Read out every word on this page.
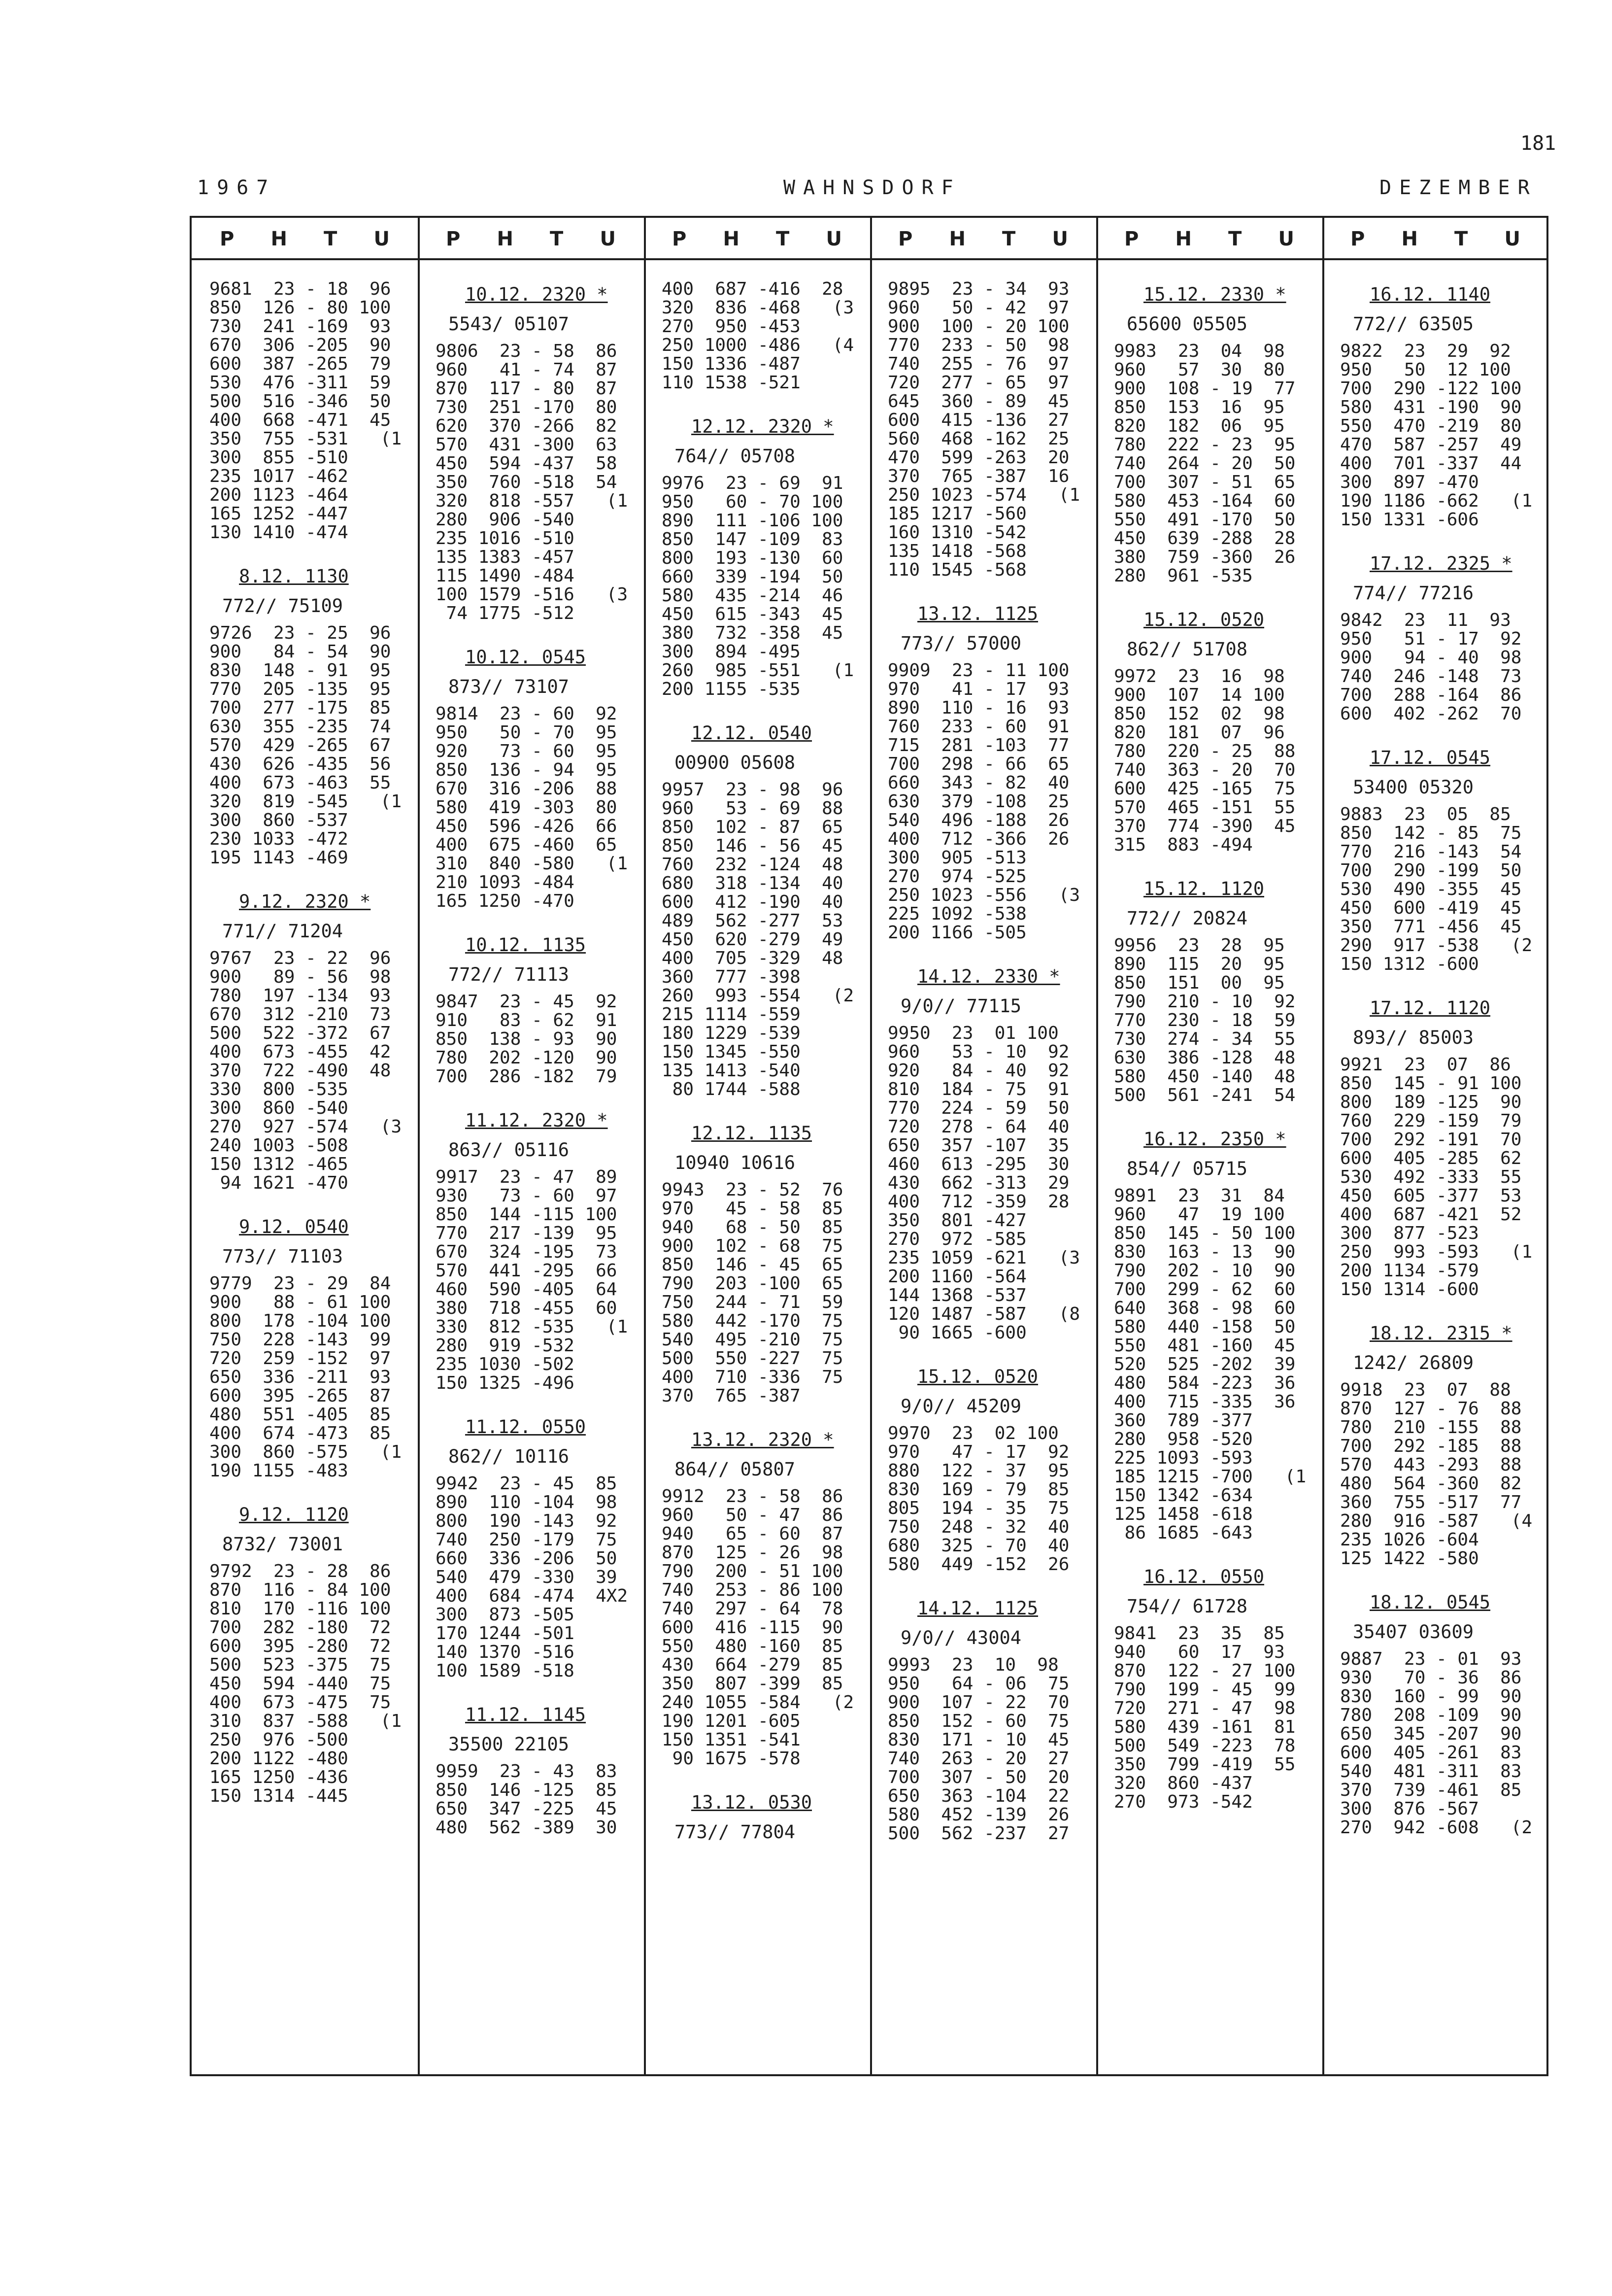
181
1967	WAHNSDORF	DEZEMBER
P H T U
9681  23 - 18  96
850  126 - 80 100
730  241 -169  93
670  306 -205  90
600  387 -265  79
530  476 -311  59
500  516 -346  50
400  668 -471  45
350  755 -531   (1
300  855 -510
235 1017 -462
200 1123 -464
165 1252 -447
130 1410 -474
8.12. 1130
772// 75109
9726  23 - 25  96
900   84 - 54  90
830  148 - 91  95
770  205 -135  95
700  277 -175  85
630  355 -235  74
570  429 -265  67
430  626 -435  56
400  673 -463  55
320  819 -545   (1
300  860 -537
230 1033 -472
195 1143 -469
9.12. 2320 *
771// 71204
9767  23 - 22  96
900   89 - 56  98
780  197 -134  93
670  312 -210  73
500  522 -372  67
400  673 -455  42
370  722 -490  48
330  800 -535
300  860 -540
270  927 -574   (3
240 1003 -508
150 1312 -465
94 1621 -470
9.12. 0540
773// 71103
9779  23 - 29  84
900   88 - 61 100
800  178 -104 100
750  228 -143  99
720  259 -152  97
650  336 -211  93
600  395 -265  87
480  551 -405  85
400  674 -473  85
300  860 -575   (1
190 1155 -483
9.12. 1120
8732/ 73001
9792  23 - 28  86
870  116 - 84 100
810  170 -116 100
700  282 -180  72
600  395 -280  72
500  523 -375  75
450  594 -440  75
400  673 -475  75
310  837 -588   (1
250  976 -500
200 1122 -480
165 1250 -436
150 1314 -445
P H T U
10.12. 2320 *
5543/ 05107
9806  23 - 58  86
960   41 - 74  87
870  117 - 80  87
730  251 -170  80
620  370 -266  82
570  431 -300  63
450  594 -437  58
350  760 -518  54
320  818 -557   (1
280  906 -540
235 1016 -510
135 1383 -457
115 1490 -484
100 1579 -516   (3
74 1775 -512
10.12. 0545
873// 73107
9814  23 - 60  92
950   50 - 70  95
920   73 - 60  95
850  136 - 94  95
670  316 -206  88
580  419 -303  80
450  596 -426  66
400  675 -460  65
310  840 -580   (1
210 1093 -484
165 1250 -470
10.12. 1135
772// 71113
9847  23 - 45  92
910   83 - 62  91
850  138 - 93  90
780  202 -120  90
700  286 -182  79
11.12. 2320 *
863// 05116
9917  23 - 47  89
930   73 - 60  97
850  144 -115 100
770  217 -139  95
670  324 -195  73
570  441 -295  66
460  590 -405  64
380  718 -455  60
330  812 -535   (1
280  919 -532
235 1030 -502
150 1325 -496
11.12. 0550
862// 10116
9942  23 - 45  85
890  110 -104  98
800  190 -143  92
740  250 -179  75
660  336 -206  50
540  479 -330  39
400  684 -474  4X2
300  873 -505
170 1244 -501
140 1370 -516
100 1589 -518
11.12. 1145
35500 22105
9959  23 - 43  83
850  146 -125  85
650  347 -225  45
480  562 -389  30
P H T U
400  687 -416  28
320  836 -468   (3
270  950 -453
250 1000 -486   (4
150 1336 -487
110 1538 -521
12.12. 2320 *
764// 05708
9976  23 - 69  91
950   60 - 70 100
890  111 -106 100
850  147 -109  83
800  193 -130  60
660  339 -194  50
580  435 -214  46
450  615 -343  45
380  732 -358  45
300  894 -495
260  985 -551   (1
200 1155 -535
12.12. 0540
00900 05608
9957  23 - 98  96
960   53 - 69  88
850  102 - 87  65
850  146 - 56  45
760  232 -124  48
680  318 -134  40
600  412 -190  40
489  562 -277  53
450  620 -279  49
400  705 -329  48
360  777 -398
260  993 -554   (2
215 1114 -559
180 1229 -539
150 1345 -550
135 1413 -540
80 1744 -588
12.12. 1135
10940 10616
9943  23 - 52  76
970   45 - 58  85
940   68 - 50  85
900  102 - 68  75
850  146 - 45  65
790  203 -100  65
750  244 - 71  59
580  442 -170  75
540  495 -210  75
500  550 -227  75
400  710 -336  75
370  765 -387
13.12. 2320 *
864// 05807
9912  23 - 58  86
960   50 - 47  86
940   65 - 60  87
870  125 - 26  98
790  200 - 51 100
740  253 - 86 100
740  297 - 64  78
600  416 -115  90
550  480 -160  85
430  664 -279  85
350  807 -399  85
240 1055 -584   (2
190 1201 -605
150 1351 -541
90 1675 -578
13.12. 0530
773// 77804
P H T U
9895  23 - 34  93
960   50 - 42  97
900  100 - 20 100
770  233 - 50  98
740  255 - 76  97
720  277 - 65  97
645  360 - 89  45
600  415 -136  27
560  468 -162  25
470  599 -263  20
370  765 -387  16
250 1023 -574   (1
185 1217 -560
160 1310 -542
135 1418 -568
110 1545 -568
13.12. 1125
773// 57000
9909  23 - 11 100
970   41 - 17  93
890  110 - 16  93
760  233 - 60  91
715  281 -103  77
700  298 - 66  65
660  343 - 82  40
630  379 -108  25
540  496 -188  26
400  712 -366  26
300  905 -513
270  974 -525
250 1023 -556   (3
225 1092 -538
200 1166 -505
14.12. 2330 *
9/0// 77115
9950  23  01 100
960   53 - 10  92
920   84 - 40  92
810  184 - 75  91
770  224 - 59  50
720  278 - 64  40
650  357 -107  35
460  613 -295  30
430  662 -313  29
400  712 -359  28
350  801 -427
270  972 -585
235 1059 -621   (3
200 1160 -564
144 1368 -537
120 1487 -587   (8
90 1665 -600
15.12. 0520
9/0// 45209
9970  23  02 100
970   47 - 17  92
880  122 - 37  95
830  169 - 79  85
805  194 - 35  75
750  248 - 32  40
680  325 - 70  40
580  449 -152  26
14.12. 1125
9/0// 43004
9993  23  10  98
950   64 - 06  75
900  107 - 22  70
850  152 - 60  75
830  171 - 10  45
740  263 - 20  27
700  307 - 50  20
650  363 -104  22
580  452 -139  26
500  562 -237  27
P H T U
15.12. 2330 *
65600 05505
9983  23  04  98
960   57  30  80
900  108 - 19  77
850  153  16  95
820  182  06  95
780  222 - 23  95
740  264 - 20  50
700  307 - 51  65
580  453 -164  60
550  491 -170  50
450  639 -288  28
380  759 -360  26
280  961 -535
15.12. 0520
862// 51708
9972  23  16  98
900  107  14 100
850  152  02  98
820  181  07  96
780  220 - 25  88
740  363 - 20  70
600  425 -165  75
570  465 -151  55
370  774 -390  45
315  883 -494
15.12. 1120
772// 20824
9956  23  28  95
890  115  20  95
850  151  00  95
790  210 - 10  92
770  230 - 18  59
730  274 - 34  55
630  386 -128  48
580  450 -140  48
500  561 -241  54
16.12. 2350 *
854// 05715
9891  23  31  84
960   47  19 100
850  145 - 50 100
830  163 - 13  90
790  202 - 10  90
700  299 - 62  60
640  368 - 98  60
580  440 -158  50
550  481 -160  45
520  525 -202  39
480  584 -223  36
400  715 -335  36
360  789 -377
280  958 -520
225 1093 -593
185 1215 -700   (1
150 1342 -634
125 1458 -618
86 1685 -643
16.12. 0550
754// 61728
9841  23  35  85
940   60  17  93
870  122 - 27 100
790  199 - 45  99
720  271 - 47  98
580  439 -161  81
500  549 -223  78
350  799 -419  55
320  860 -437
270  973 -542
P H T U
16.12. 1140
772// 63505
9822  23  29  92
950   50  12 100
700  290 -122 100
580  431 -190  90
550  470 -219  80
470  587 -257  49
400  701 -337  44
300  897 -470
190 1186 -662   (1
150 1331 -606
17.12. 2325 *
774// 77216
9842  23  11  93
950   51 - 17  92
900   94 - 40  98
740  246 -148  73
700  288 -164  86
600  402 -262  70
17.12. 0545
53400 05320
9883  23  05  85
850  142 - 85  75
770  216 -143  54
700  290 -199  50
530  490 -355  45
450  600 -419  45
350  771 -456  45
290  917 -538   (2
150 1312 -600
17.12. 1120
893// 85003
9921  23  07  86
850  145 - 91 100
800  189 -125  90
760  229 -159  79
700  292 -191  70
600  405 -285  62
530  492 -333  55
450  605 -377  53
400  687 -421  52
300  877 -523
250  993 -593   (1
200 1134 -579
150 1314 -600
18.12. 2315 *
1242/ 26809
9918  23  07  88
870  127 - 76  88
780  210 -155  88
700  292 -185  88
570  443 -293  88
480  564 -360  82
360  755 -517  77
280  916 -587   (4
235 1026 -604
125 1422 -580
18.12. 0545
35407 03609
9887  23 - 01  93
930   70 - 36  86
830  160 - 99  90
780  208 -109  90
650  345 -207  90
600  405 -261  83
540  481 -311  83
370  739 -461  85
300  876 -567
270  942 -608   (2
